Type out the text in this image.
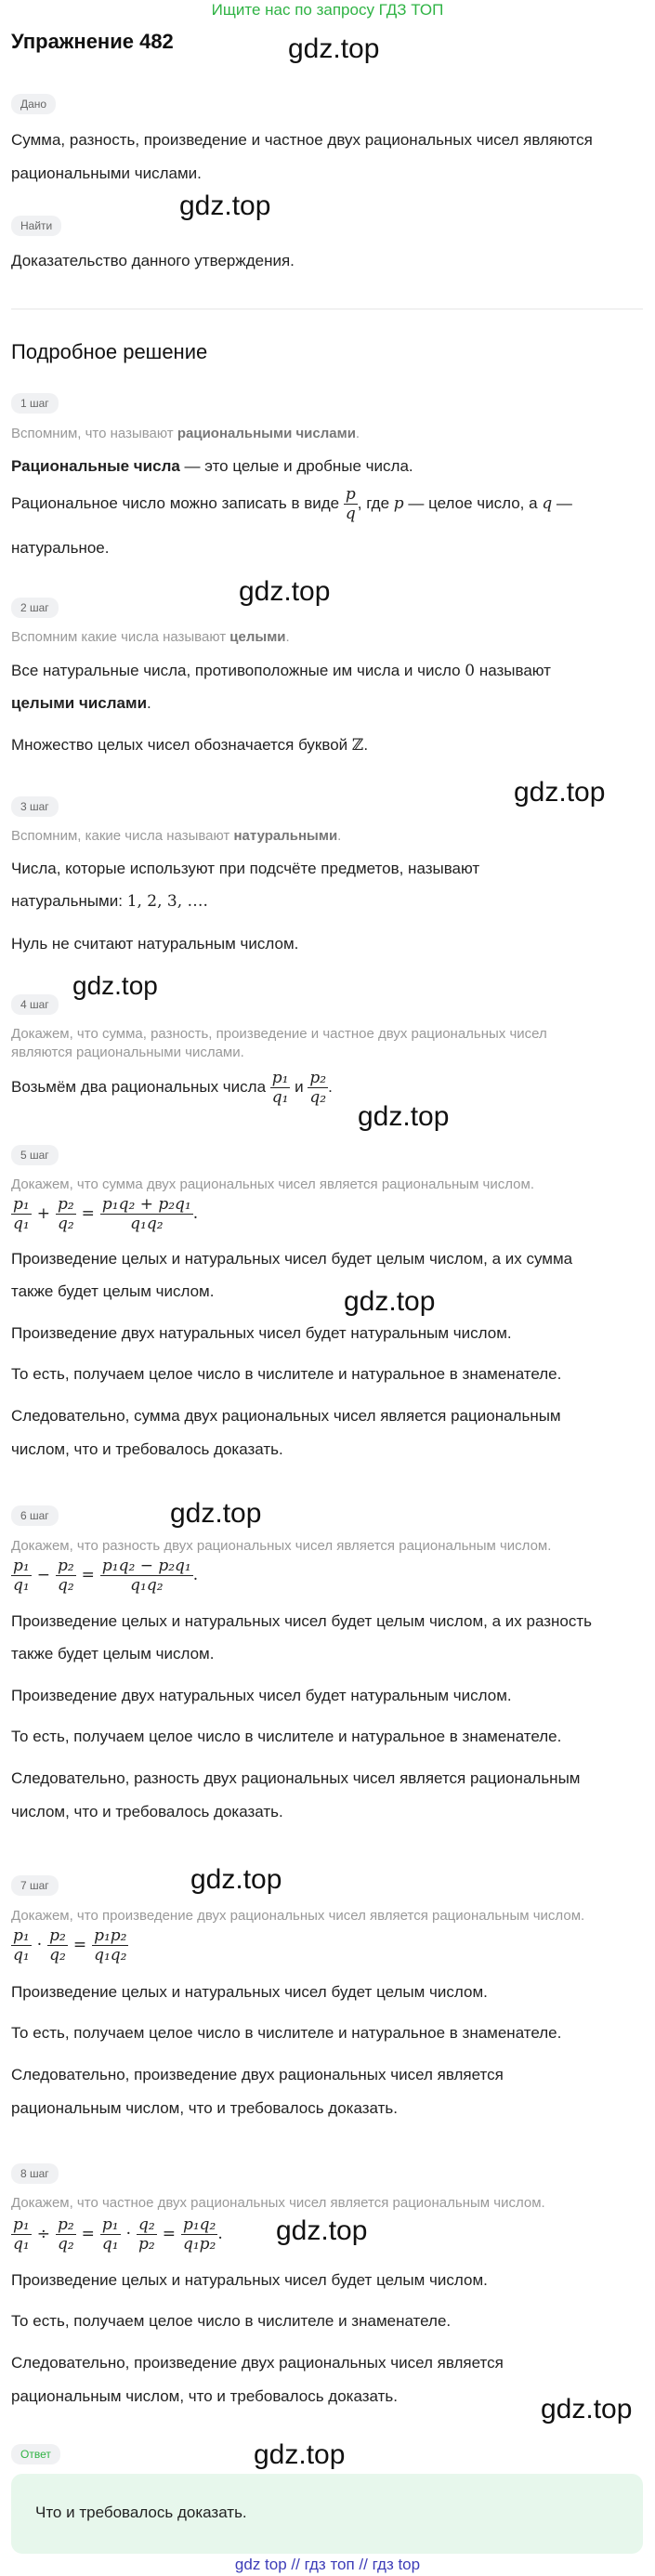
Ищите нас по запросу ГДЗ ТОП
Упражнение 482	gdz.top
gdz.top
gdz.top
gdz.top
gdz.top
gdz.top
gdz.top
gdz.top
gdz.top
gdz.top
gdz.top
gdz.top
Дано
Сумма, разность, произведение и частное двух рациональных чисел являются
рациональными числами.
Найти
Доказательство данного утверждения.
Подробное решение
1 шаг
Вспомним, что называют рациональными числами.
Рациональные числа — это целые и дробные числа.
Рациональное число можно записать в виде $\frac{p}{q}$ , где p — целое число, а q —
натуральное.
2 шаг
Вспомним какие числа называют целыми.
Все натуральные числа, противоположные им числа и число 0 называют
целыми числами.
Множество целых чисел обозначается буквой ℤ.
3 шаг
Вспомним, какие числа называют натуральными.
Числа, которые используют при подсчёте предметов, называют
натуральными: 1, 2, 3, ….
Нуль не считают натуральным числом.
4 шаг
Докажем, что сумма, разность, произведение и частное двух рациональных чисел
являются рациональными числами.
Возьмём два рациональных числа $\frac{\text{p₁}}{\text{q₁}}$ и $\frac{\text{p₂}}{\text{q₂}}$ .
5 шаг
Докажем, что сумма двух рациональных чисел является рациональным числом.
$\frac{\text{p₁}}{\text{q₁}} + \frac{\text{p₂}}{\text{q₂}} = \frac{\text{p₁q₂ + p₂q₁}}{\text{q₁q₂}}$ .
Произведение целых и натуральных чисел будет целым числом, а их сумма
также будет целым числом.
Произведение двух натуральных чисел будет натуральным числом.
То есть, получаем целое число в числителе и натуральное в знаменателе.
Следовательно, сумма двух рациональных чисел является рациональным
числом, что и требовалось доказать.
6 шаг
Докажем, что разность двух рациональных чисел является рациональным числом.
$\frac{\text{p₁}}{\text{q₁}} - \frac{\text{p₂}}{\text{q₂}} = \frac{\text{p₁q₂ − p₂q₁}}{\text{q₁q₂}}$ .
Произведение целых и натуральных чисел будет целым числом, а их разность
также будет целым числом.
Произведение двух натуральных чисел будет натуральным числом.
То есть, получаем целое число в числителе и натуральное в знаменателе.
Следовательно, разность двух рациональных чисел является рациональным
числом, что и требовалось доказать.
7 шаг
Докажем, что произведение двух рациональных чисел является рациональным числом.
$\frac{\text{p₁}}{\text{q₁}} \cdot \frac{\text{p₂}}{\text{q₂}} = \frac{\text{p₁p₂}}{\text{q₁q₂}}$
Произведение целых и натуральных чисел будет целым числом.
То есть, получаем целое число в числителе и натуральное в знаменателе.
Следовательно, произведение двух рациональных чисел является
рациональным числом, что и требовалось доказать.
8 шаг
Докажем, что частное двух рациональных чисел является рациональным числом.
$\frac{\text{p₁}}{\text{q₁}} \div \frac{\text{p₂}}{\text{q₂}} = \frac{\text{p₁}}{\text{q₁}} \cdot \frac{\text{q₂}}{\text{p₂}} = \frac{\text{p₁q₂}}{\text{q₁p₂}}$ .
Произведение целых и натуральных чисел будет целым числом.
То есть, получаем целое число в числителе и знаменателе.
Следовательно, произведение двух рациональных чисел является
рациональным числом, что и требовалось доказать.
Ответ
Что и требовалось доказать.
gdz top // гдз топ // гдз top
